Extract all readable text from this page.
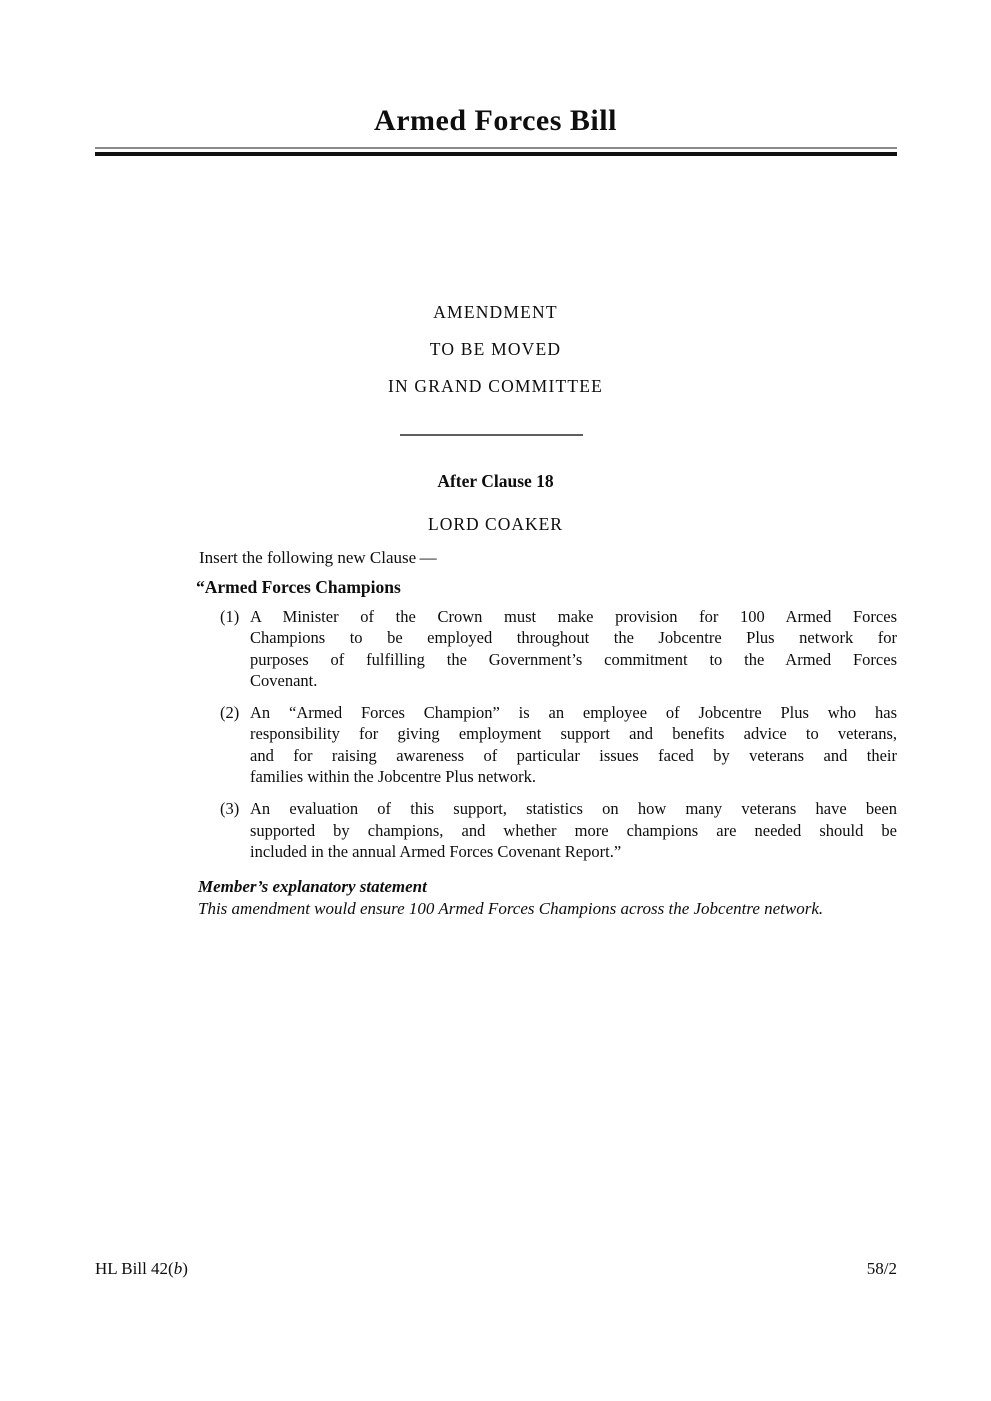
Armed Forces Bill
AMENDMENT
TO BE MOVED
IN GRAND COMMITTEE
After Clause 18
LORD COAKER
Insert the following new Clause —
“Armed Forces Champions
(1) A Minister of the Crown must make provision for 100 Armed Forces
Champions to be employed throughout the Jobcentre Plus network for
purposes of fulfilling the Government’s commitment to the Armed Forces
Covenant.
(2) An “Armed Forces Champion” is an employee of Jobcentre Plus who has
responsibility for giving employment support and benefits advice to veterans,
and for raising awareness of particular issues faced by veterans and their
families within the Jobcentre Plus network.
(3) An evaluation of this support, statistics on how many veterans have been
supported by champions, and whether more champions are needed should be
included in the annual Armed Forces Covenant Report.”
Member’s explanatory statement
This amendment would ensure 100 Armed Forces Champions across the Jobcentre network.
HL Bill 42(b)	58/2
